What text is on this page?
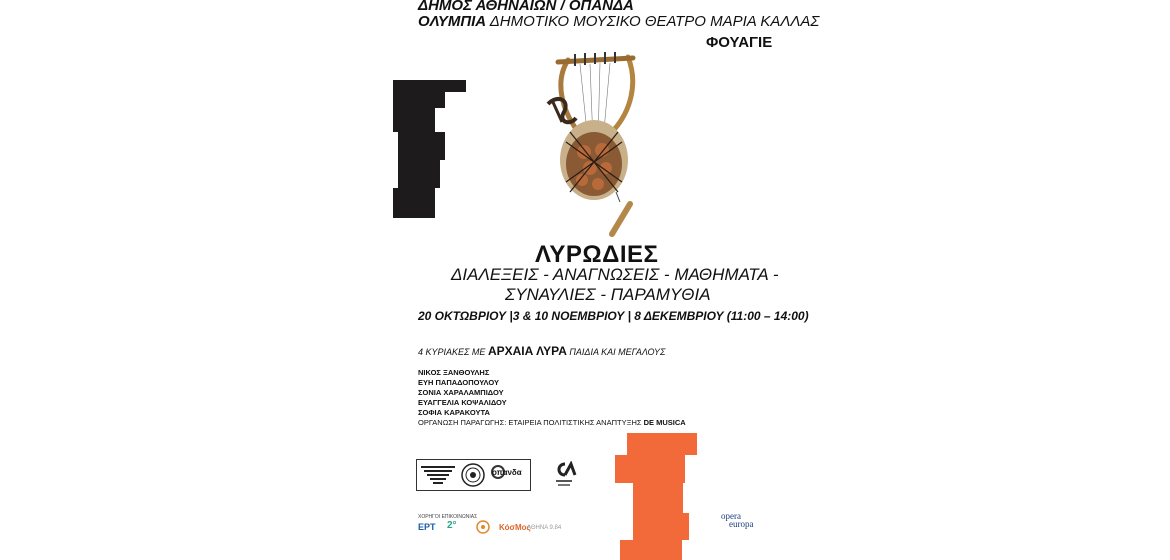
ΔΗΜΟΣ ΑΘΗΝΑΙΩΝ / ΟΠΑΝΔΑ
ΟΛΥΜΠΙΑ ΔΗΜΟΤΙΚΟ ΜΟΥΣΙΚΟ ΘΕΑΤΡΟ ΜΑΡΙΑ ΚΑΛΛΑΣ
ΦΟΥΑΓΙΕ
ΛΥΡΩΔΙΕΣ
ΔΙΑΛΕΞΕΙΣ - ΑΝΑΓΝΩΣΕΙΣ - ΜΑΘΗΜΑΤΑ -
ΣΥΝΑΥΛΙΕΣ - ΠΑΡΑΜΥΘΙΑ
20 ΟΚΤΩΒΡΙΟΥ |3 & 10 ΝΟΕΜΒΡΙΟΥ | 8 ΔΕΚΕΜΒΡΙΟΥ (11:00 – 14:00)
4 ΚΥΡΙΑΚΕΣ ΜΕ ΑΡΧΑΙΑ ΛΥΡΑ ΠΑΙΔΙΑ ΚΑΙ ΜΕΓΑΛΟΥΣ
ΝΙΚΟΣ ΞΑΝΘΟΥΛΗΣ
ΕΥΗ ΠΑΠΑΔΟΠΟΥΛΟΥ
ΣΟΝΙΑ ΧΑΡΑΛΑΜΠΙΔΟΥ
ΕΥΑΓΓΕΛΙΑ ΚΟΨΑΛΙΔΟΥ
ΣΟΦΙΑ ΚΑΡΑΚΟΥΤΑ
ΟΡΓΑΝΩΣΗ ΠΑΡΑΓΩΓΗΣ: ΕΤΑΙΡΕΙΑ ΠΟΛΙΤΙΣΤΙΚΗΣ ΑΝΑΠΤΥΞΗΣ DE MUSICA
οπανδα
ΧΟΡΗΓΟΙ ΕΠΙΚΟΙΝΩΝΙΑΣ
ΕΡΤ 2°	ΚόσΜος
ΑΘΗΝΑ 9.84
opera
europa
